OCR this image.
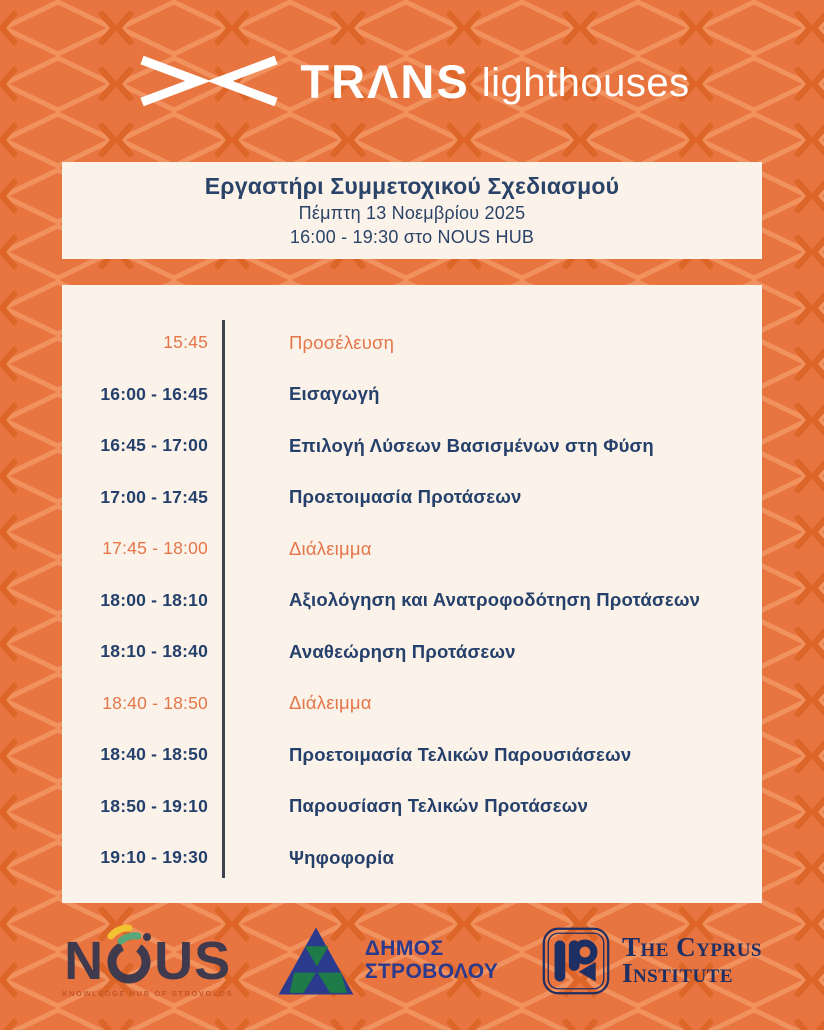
TRΛNS lighthouses
Εργαστήρι Συμμετοχικού Σχεδιασμού

Πέμπτη 13 Νοεμβρίου 2025

16:00 - 19:30 στο NOUS HUB

15:45	Προσέλευση
16:00 - 16:45	Εισαγωγή
16:45 - 17:00	Επιλογή Λύσεων Βασισμένων στη Φύση
17:00 - 17:45	Προετοιμασία Προτάσεων
17:45 - 18:00	Διάλειμμα
18:00 - 18:10	Αξιολόγηση και Ανατροφοδότηση Προτάσεων
18:10 - 18:40	Αναθεώρηση Προτάσεων
18:40 - 18:50	Διάλειμμα
18:40 - 18:50	Προετοιμασία Τελικών Παρουσιάσεων
18:50 - 19:10	Παρουσίαση Τελικών Προτάσεων
19:10 - 19:30	Ψηφοφορία
N US
KNOWLEDGE HUB OF STROVOLOS
ΔΗΜΟΣ
ΣΤΡΟΒΟΛΟΥ
The Cyprus
Institute
